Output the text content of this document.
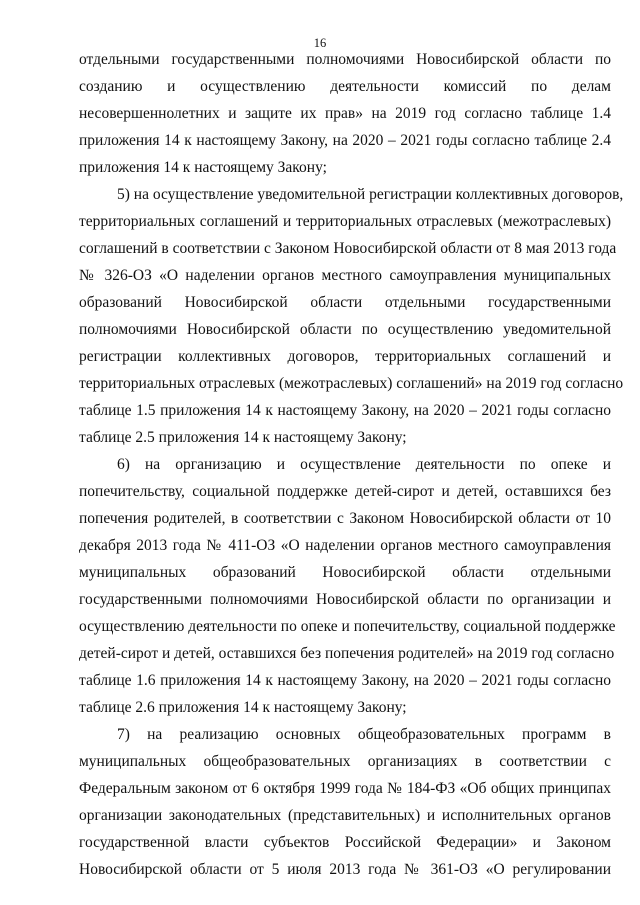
16
отдельными государственными полномочиями Новосибирской области по
созданию и осуществлению деятельности комиссий по делам
несовершеннолетних и защите их прав» на 2019 год согласно таблице 1.4
приложения 14 к настоящему Закону, на 2020 – 2021 годы согласно таблице 2.4
приложения 14 к настоящему Закону;
5) на осуществление уведомительной регистрации коллективных договоров,
территориальных соглашений и территориальных отраслевых (межотраслевых)
соглашений в соответствии с Законом Новосибирской области от 8 мая 2013 года
№ 326-ОЗ «О наделении органов местного самоуправления муниципальных
образований Новосибирской области отдельными государственными
полномочиями Новосибирской области по осуществлению уведомительной
регистрации коллективных договоров, территориальных соглашений и
территориальных отраслевых (межотраслевых) соглашений» на 2019 год согласно
таблице 1.5 приложения 14 к настоящему Закону, на 2020 – 2021 годы согласно
таблице 2.5 приложения 14 к настоящему Закону;
6) на организацию и осуществление деятельности по опеке и
попечительству, социальной поддержке детей-сирот и детей, оставшихся без
попечения родителей, в соответствии с Законом Новосибирской области от 10
декабря 2013 года № 411-ОЗ «О наделении органов местного самоуправления
муниципальных образований Новосибирской области отдельными
государственными полномочиями Новосибирской области по организации и
осуществлению деятельности по опеке и попечительству, социальной поддержке
детей-сирот и детей, оставшихся без попечения родителей» на 2019 год согласно
таблице 1.6 приложения 14 к настоящему Закону, на 2020 – 2021 годы согласно
таблице 2.6 приложения 14 к настоящему Закону;
7) на реализацию основных общеобразовательных программ в
муниципальных общеобразовательных организациях в соответствии с
Федеральным законом от 6 октября 1999 года № 184-ФЗ «Об общих принципах
организации законодательных (представительных) и исполнительных органов
государственной власти субъектов Российской Федерации» и Законом
Новосибирской области от 5 июля 2013 года № 361-ОЗ «О регулировании
